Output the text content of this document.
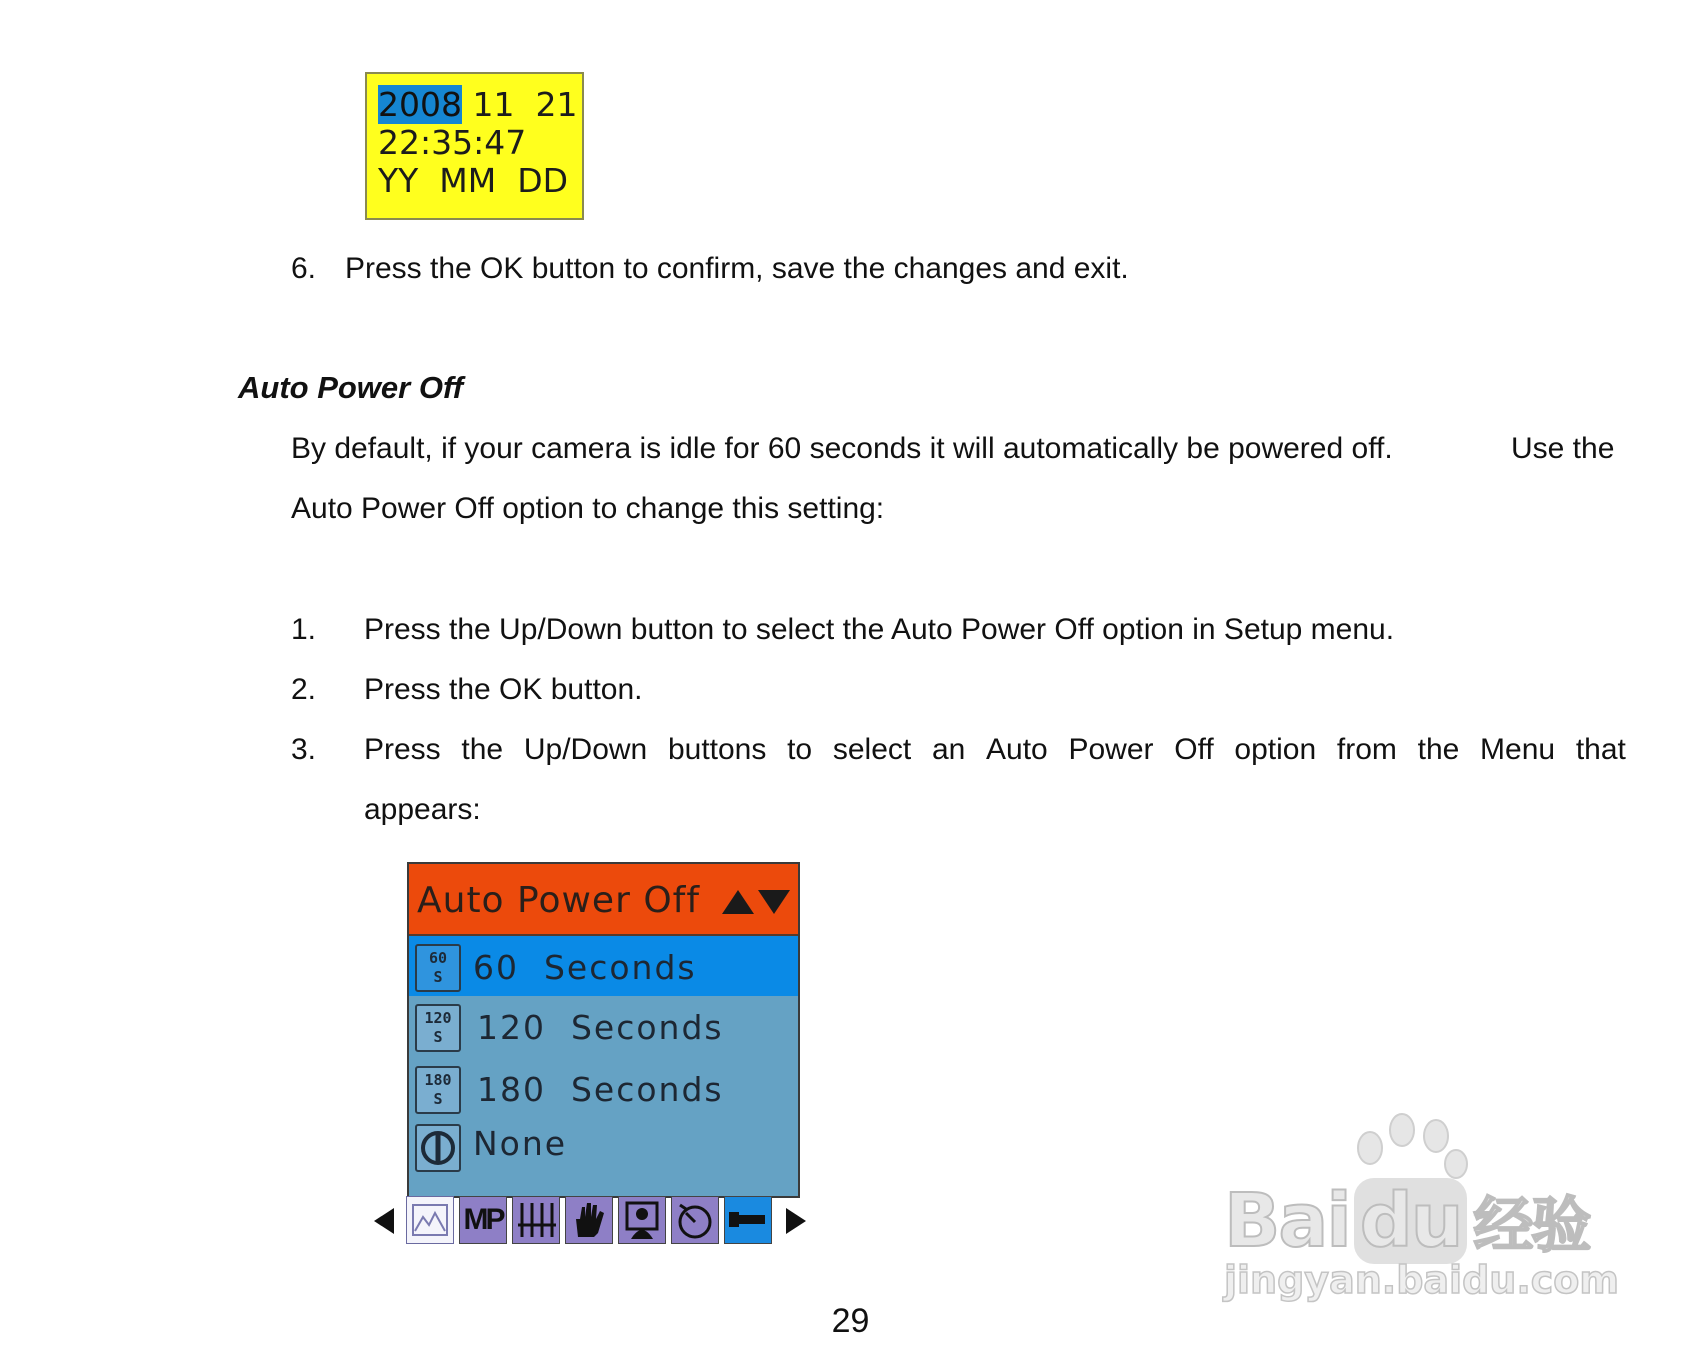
2008 11  21
22:35:47
YY  MM  DD
6. Press the OK button to confirm, save the changes and exit.
Auto Power Off
By default, if your camera is idle for 60 seconds it will automatically be powered off.	Use the
Auto Power Off option to change this setting:
1. Press the Up/Down button to select the Auto Power Off option in Setup menu.
2. Press the OK button.
3. Press the Up/Down buttons to select an Auto Power Off option from the Menu that
appears:
Auto Power Off
60
S 60  Seconds
120
S	120  Seconds
180
S	180  Seconds
None
MP
29
Bai du 经验
jingyan.baidu.com
